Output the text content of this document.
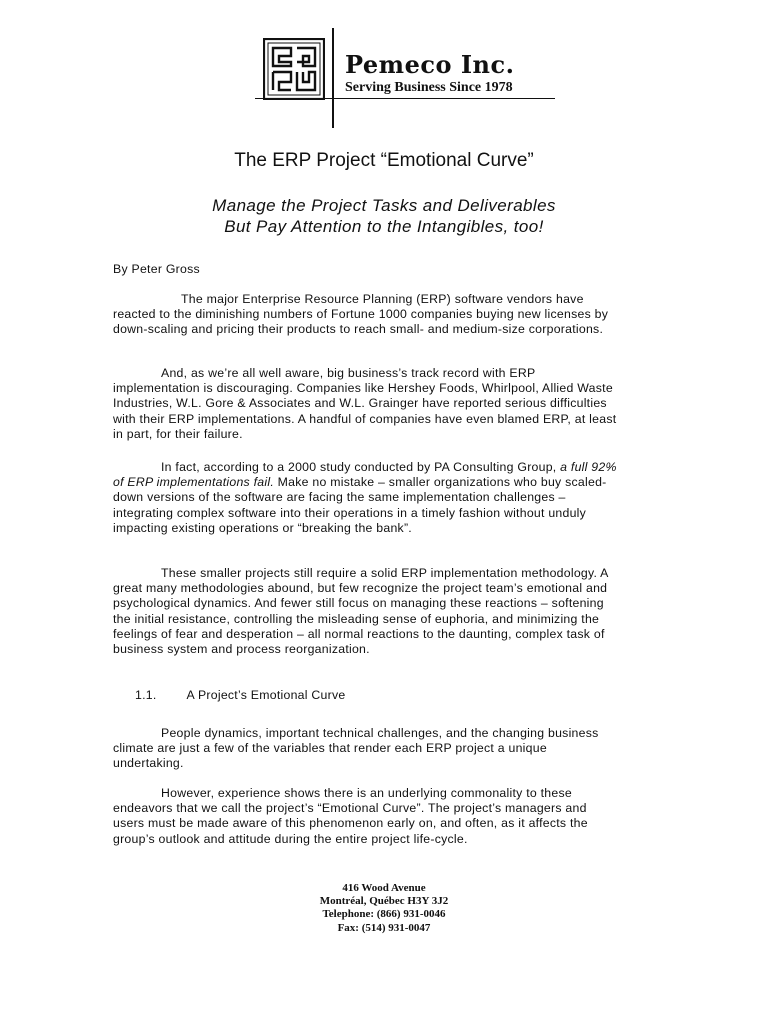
Pemeco Inc.
Serving Business Since 1978
The ERP Project “Emotional Curve”
Manage the Project Tasks and Deliverables
But Pay Attention to the Intangibles, too!
By Peter Gross

The major Enterprise Resource Planning (ERP) software vendors have reacted to the diminishing numbers of Fortune 1000 companies buying new licenses by down-scaling and pricing their products to reach small- and medium-size corporations.

And, as we’re all well aware, big business’s track record with ERP implementation is discouraging. Companies like Hershey Foods, Whirlpool, Allied Waste Industries, W.L. Gore & Associates and W.L. Grainger have reported serious difficulties with their ERP implementations. A handful of companies have even blamed ERP, at least in part, for their failure.

In fact, according to a 2000 study conducted by PA Consulting Group, a full 92% of ERP implementations fail. Make no mistake – smaller organizations who buy scaled-down versions of the software are facing the same implementation challenges – integrating complex software into their operations in a timely fashion without unduly impacting existing operations or “breaking the bank”.

These smaller projects still require a solid ERP implementation methodology. A great many methodologies abound, but few recognize the project team’s emotional and psychological dynamics. And fewer still focus on managing these reactions – softening the initial resistance, controlling the misleading sense of euphoria, and minimizing the feelings of fear and desperation – all normal reactions to the daunting, complex task of business system and process reorganization.

1.1. A Project’s Emotional Curve

People dynamics, important technical challenges, and the changing business climate are just a few of the variables that render each ERP project a unique undertaking.

However, experience shows there is an underlying commonality to these endeavors that we call the project’s “Emotional Curve”. The project’s managers and users must be made aware of this phenomenon early on, and often, as it affects the group’s outlook and attitude during the entire project life-cycle.

416 Wood Avenue
Montréal, Québec H3Y 3J2
Telephone: (866) 931-0046
Fax: (514) 931-0047
